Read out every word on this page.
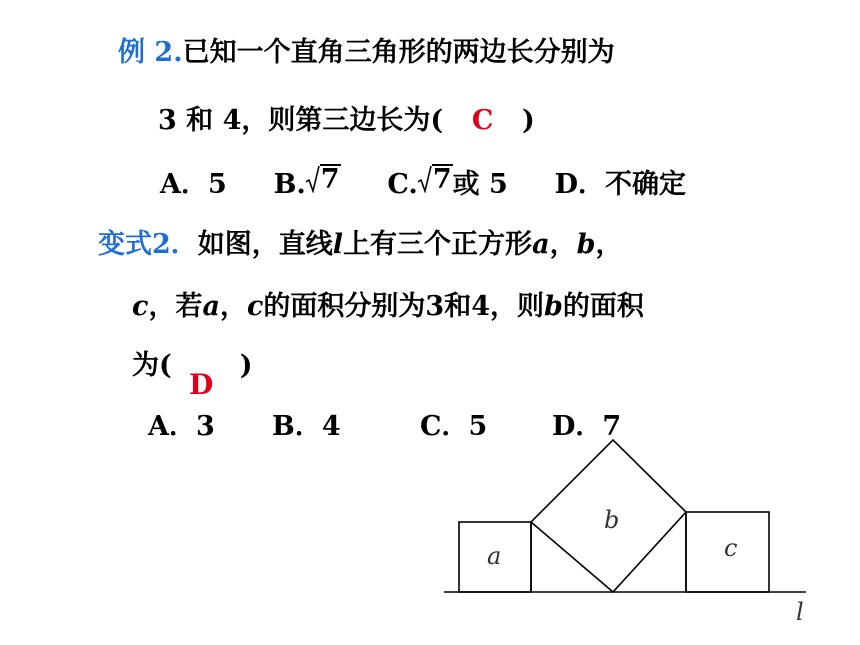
例 2.已知一个直角三角形的两边长分别为
3 和 4，则第三边长为( C )
A．5 B. 7 C. 7 或 5 D．不确定
变式2．如图，直线l上有三个正方形a，b，
c，若a，c的面积分别为3和4，则b的面积
为(	)
D
A．3 B．4	C．5 D．7
a
b
c
l
